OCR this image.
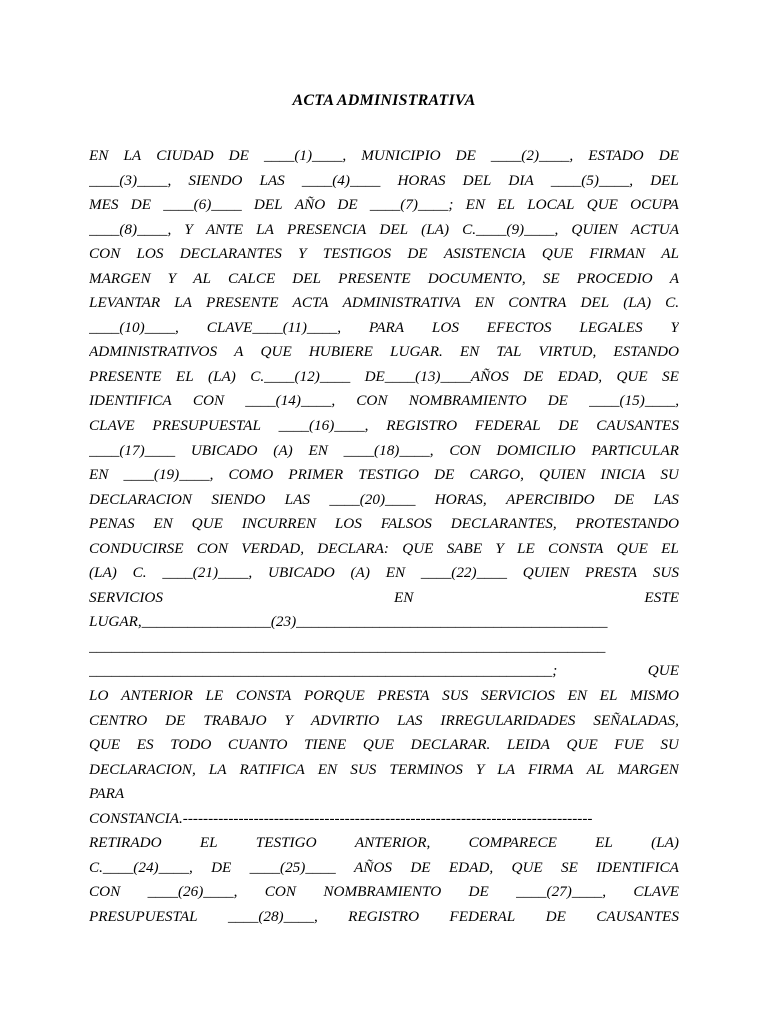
ACTA ADMINISTRATIVA
EN LA CIUDAD DE ____(1)____, MUNICIPIO DE ____(2)____, ESTADO DE
____(3)____, SIENDO LAS ____(4)____ HORAS DEL DIA ____(5)____, DEL
MES DE ____(6)____ DEL AÑO DE ____(7)____; EN EL LOCAL QUE OCUPA
____(8)____, Y ANTE LA PRESENCIA DEL (LA) C.____(9)____, QUIEN ACTUA
CON LOS DECLARANTES Y TESTIGOS DE ASISTENCIA QUE FIRMAN AL
MARGEN Y AL CALCE DEL PRESENTE DOCUMENTO, SE PROCEDIO A
LEVANTAR LA PRESENTE ACTA ADMINISTRATIVA EN CONTRA DEL (LA) C.
____(10)____, CLAVE____(11)____, PARA LOS EFECTOS LEGALES Y
ADMINISTRATIVOS A QUE HUBIERE LUGAR. EN TAL VIRTUD, ESTANDO
PRESENTE EL (LA) C.____(12)____ DE____(13)____AÑOS DE EDAD, QUE SE
IDENTIFICA CON ____(14)____, CON NOMBRAMIENTO DE ____(15)____,
CLAVE PRESUPUESTAL ____(16)____, REGISTRO FEDERAL DE CAUSANTES
____(17)____ UBICADO (A) EN ____(18)____, CON DOMICILIO PARTICULAR
EN ____(19)____, COMO PRIMER TESTIGO DE CARGO, QUIEN INICIA SU
DECLARACION SIENDO LAS ____(20)____ HORAS, APERCIBIDO DE LAS
PENAS EN QUE INCURREN LOS FALSOS DECLARANTES, PROTESTANDO
CONDUCIRSE CON VERDAD, DECLARA: QUE SABE Y LE CONSTA QUE EL
(LA) C. ____(21)____, UBICADO (A) EN ____(22)____ QUIEN PRESTA SUS
SERVICIOS	EN	ESTE
LUGAR,_________________(23)_________________________________________
____________________________________________________________________
_____________________________________________________________;	QUE
LO ANTERIOR LE CONSTA PORQUE PRESTA SUS SERVICIOS EN EL MISMO
CENTRO DE TRABAJO Y ADVIRTIO LAS IRREGULARIDADES SEÑALADAS,
QUE ES TODO CUANTO TIENE QUE DECLARAR. LEIDA QUE FUE SU
DECLARACION, LA RATIFICA EN SUS TERMINOS Y LA FIRMA AL MARGEN
PARA
CONSTANCIA.---------------------------------------------------------------------------------
RETIRADO	EL	TESTIGO	ANTERIOR,	COMPARECE	EL	(LA)
C.____(24)____, DE ____(25)____ AÑOS DE EDAD, QUE SE IDENTIFICA
CON ____(26)____, CON NOMBRAMIENTO DE ____(27)____, CLAVE
PRESUPUESTAL ____(28)____, REGISTRO FEDERAL DE CAUSANTES
